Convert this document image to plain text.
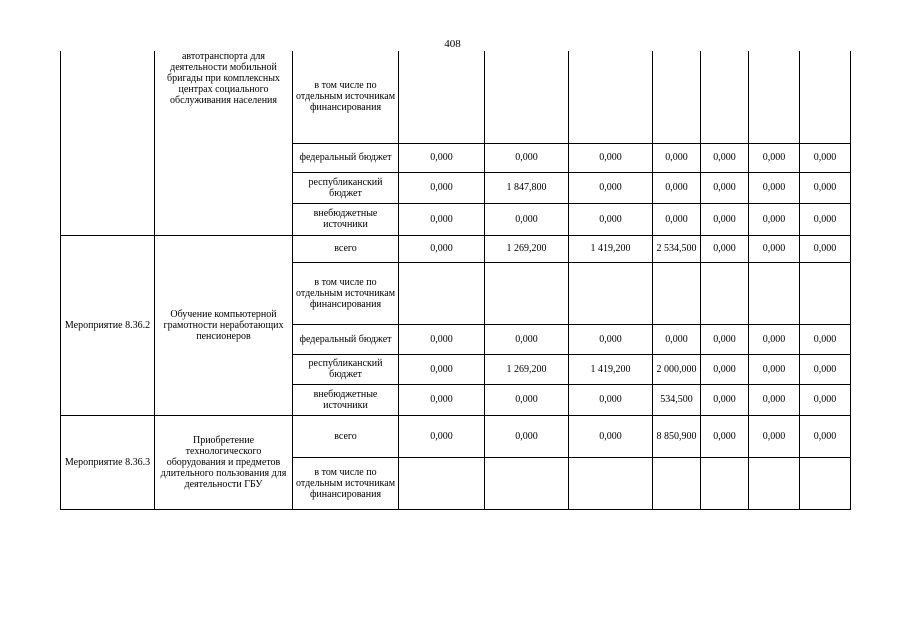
408
	автотранспорта для деятельности мобильной бригады при комплексных центрах социального обслуживания населения	в том числе по отдельным источникам финансирования							
		федеральный бюджет	0,000	0,000	0,000	0,000	0,000	0,000	0,000
		республиканский бюджет	0,000	1 847,800	0,000	0,000	0,000	0,000	0,000
		внебюджетные источники	0,000	0,000	0,000	0,000	0,000	0,000	0,000
Мероприятие 8.36.2	Обучение компьютерной грамотности неработающих пенсионеров	всего	0,000	1 269,200	1 419,200	2 534,500	0,000	0,000	0,000
		в том числе по отдельным источникам финансирования							
		федеральный бюджет	0,000	0,000	0,000	0,000	0,000	0,000	0,000
		республиканский бюджет	0,000	1 269,200	1 419,200	2 000,000	0,000	0,000	0,000
		внебюджетные источники	0,000	0,000	0,000	534,500	0,000	0,000	0,000
Мероприятие 8.36.3	Приобретение технологического оборудования и предметов длительного пользования для деятельности ГБУ	всего	0,000	0,000	0,000	8 850,900	0,000	0,000	0,000
		в том числе по отдельным источникам финансирования							
